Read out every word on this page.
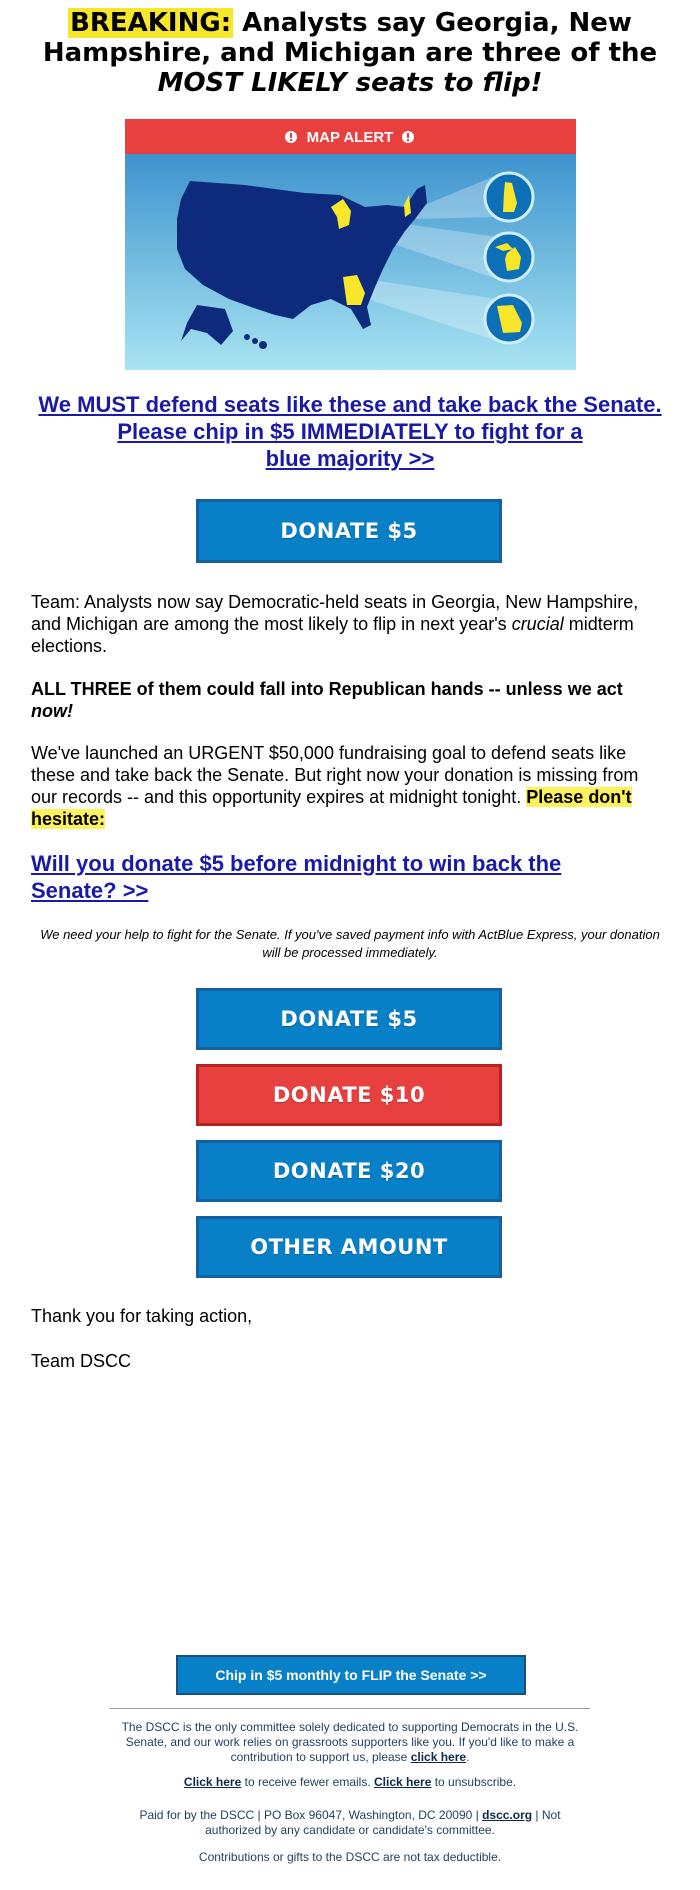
BREAKING: Analysts say Georgia, New Hampshire, and Michigan are three of the MOST LIKELY seats to flip!
MAP ALERT
We MUST defend seats like these and take back the Senate.
Please chip in $5 IMMEDIATELY to fight for a blue majority >>
DONATE $5
Team: Analysts now say Democratic-held seats in Georgia, New Hampshire, and Michigan are among the most likely to flip in next year's crucial midterm elections.
ALL THREE of them could fall into Republican hands -- unless we act now!
We've launched an URGENT $50,000 fundraising goal to defend seats like these and take back the Senate. But right now your donation is missing from our records -- and this opportunity expires at midnight tonight. Please don't hesitate:
Will you donate $5 before midnight to win back the Senate? >>
We need your help to fight for the Senate. If you've saved payment info with ActBlue Express, your donation will be processed immediately.
DONATE $5
DONATE $10
DONATE $20
OTHER AMOUNT
Thank you for taking action,
Team DSCC
Chip in $5 monthly to FLIP the Senate >>
The DSCC is the only committee solely dedicated to supporting Democrats in the U.S. Senate, and our work relies on grassroots supporters like you. If you'd like to make a contribution to support us, please click here.
Click here to receive fewer emails. Click here to unsubscribe.
Paid for by the DSCC | PO Box 96047, Washington, DC 20090 | dscc.org | Not authorized by any candidate or candidate's committee.
Contributions or gifts to the DSCC are not tax deductible.
